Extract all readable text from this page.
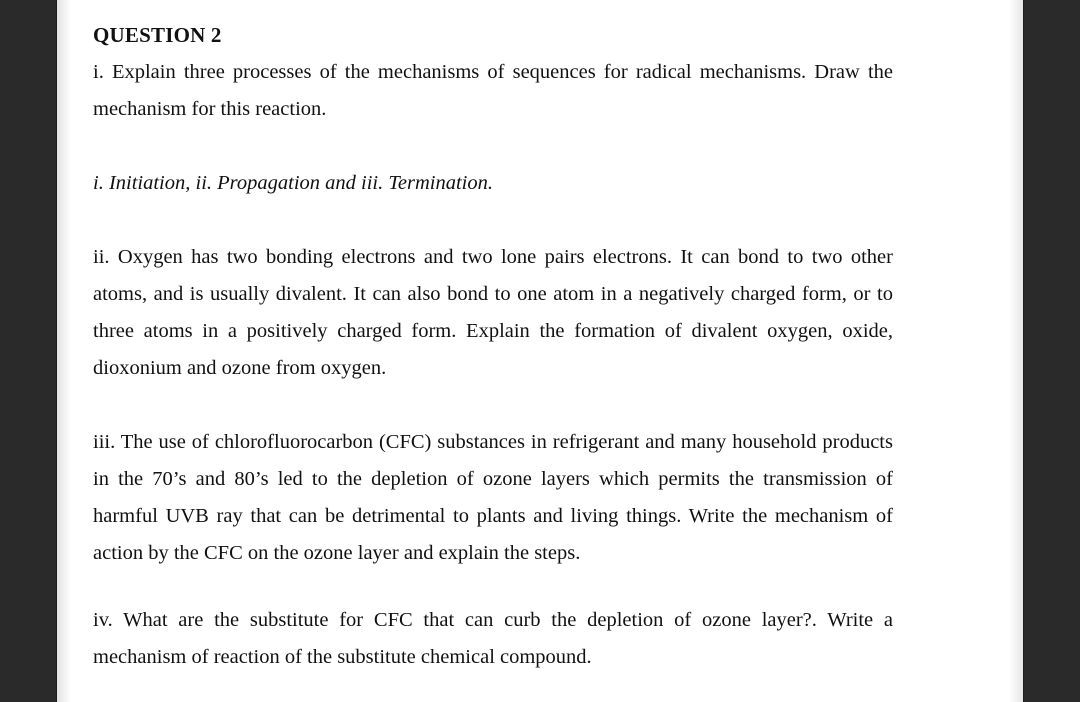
QUESTION 2

i. Explain three processes of the mechanisms of sequences for radical mechanisms. Draw the mechanism for this reaction.

i. Initiation, ii. Propagation and iii. Termination.

ii. Oxygen has two bonding electrons and two lone pairs electrons. It can bond to two other atoms, and is usually divalent. It can also bond to one atom in a negatively charged form, or to three atoms in a positively charged form. Explain the formation of divalent oxygen, oxide, dioxonium and ozone from oxygen.

iii. The use of chlorofluorocarbon (CFC) substances in refrigerant and many household products in the 70’s and 80’s led to the depletion of ozone layers which permits the transmission of harmful UVB ray that can be detrimental to plants and living things. Write the mechanism of action by the CFC on the ozone layer and explain the steps.

iv. What are the substitute for CFC that can curb the depletion of ozone layer?. Write a mechanism of reaction of the substitute chemical compound.
